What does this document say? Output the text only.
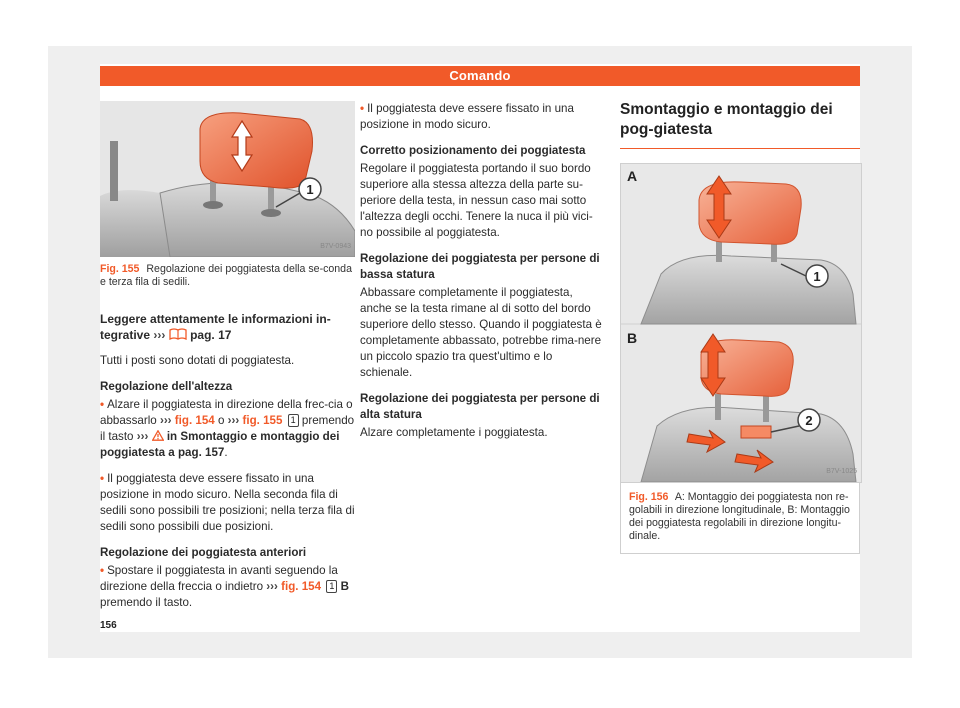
Comando
1
B7V-0943
Fig. 155 Regolazione dei poggiatesta della se-conda e terza fila di sedili.
Leggere attentamente le informazioni in-tegrative ››› pag. 17

Tutti i posti sono dotati di poggiatesta.

Regolazione dell'altezza

• Alzare il poggiatesta in direzione della frec-cia o abbassarlo ››› fig. 154 o ››› fig. 155 1 premendo il tasto ››› in Smontaggio e montaggio dei poggiatesta a pag. 157.

• Il poggiatesta deve essere fissato in una posizione in modo sicuro. Nella seconda fila di sedili sono possibili tre posizioni; nella terza fila di sedili sono possibili due posizioni.

Regolazione dei poggiatesta anteriori

• Spostare il poggiatesta in avanti seguendo la direzione della freccia o indietro ››› fig. 154 1 B premendo il tasto.

• Il poggiatesta deve essere fissato in una posizione in modo sicuro.

Corretto posizionamento dei poggiatesta

Regolare il poggiatesta portando il suo bordo superiore alla stessa altezza della parte su-periore della testa, in nessun caso mai sotto l'altezza degli occhi. Tenere la nuca il più vici-no possibile al poggiatesta.

Regolazione dei poggiatesta per persone di bassa statura

Abbassare completamente il poggiatesta, anche se la testa rimane al di sotto del bordo superiore dello stesso. Quando il poggiatesta è completamente abbassato, potrebbe rima-nere un piccolo spazio tra quest'ultimo e lo schienale.

Regolazione dei poggiatesta per persone di alta statura

Alzare completamente i poggiatesta.

Smontaggio e montaggio dei pog-giatesta
1
2
A
B
B7V-1025
Fig. 156 A: Montaggio dei poggiatesta non re-golabili in direzione longitudinale, B: Montaggio dei poggiatesta regolabili in direzione longitu-dinale.
156
